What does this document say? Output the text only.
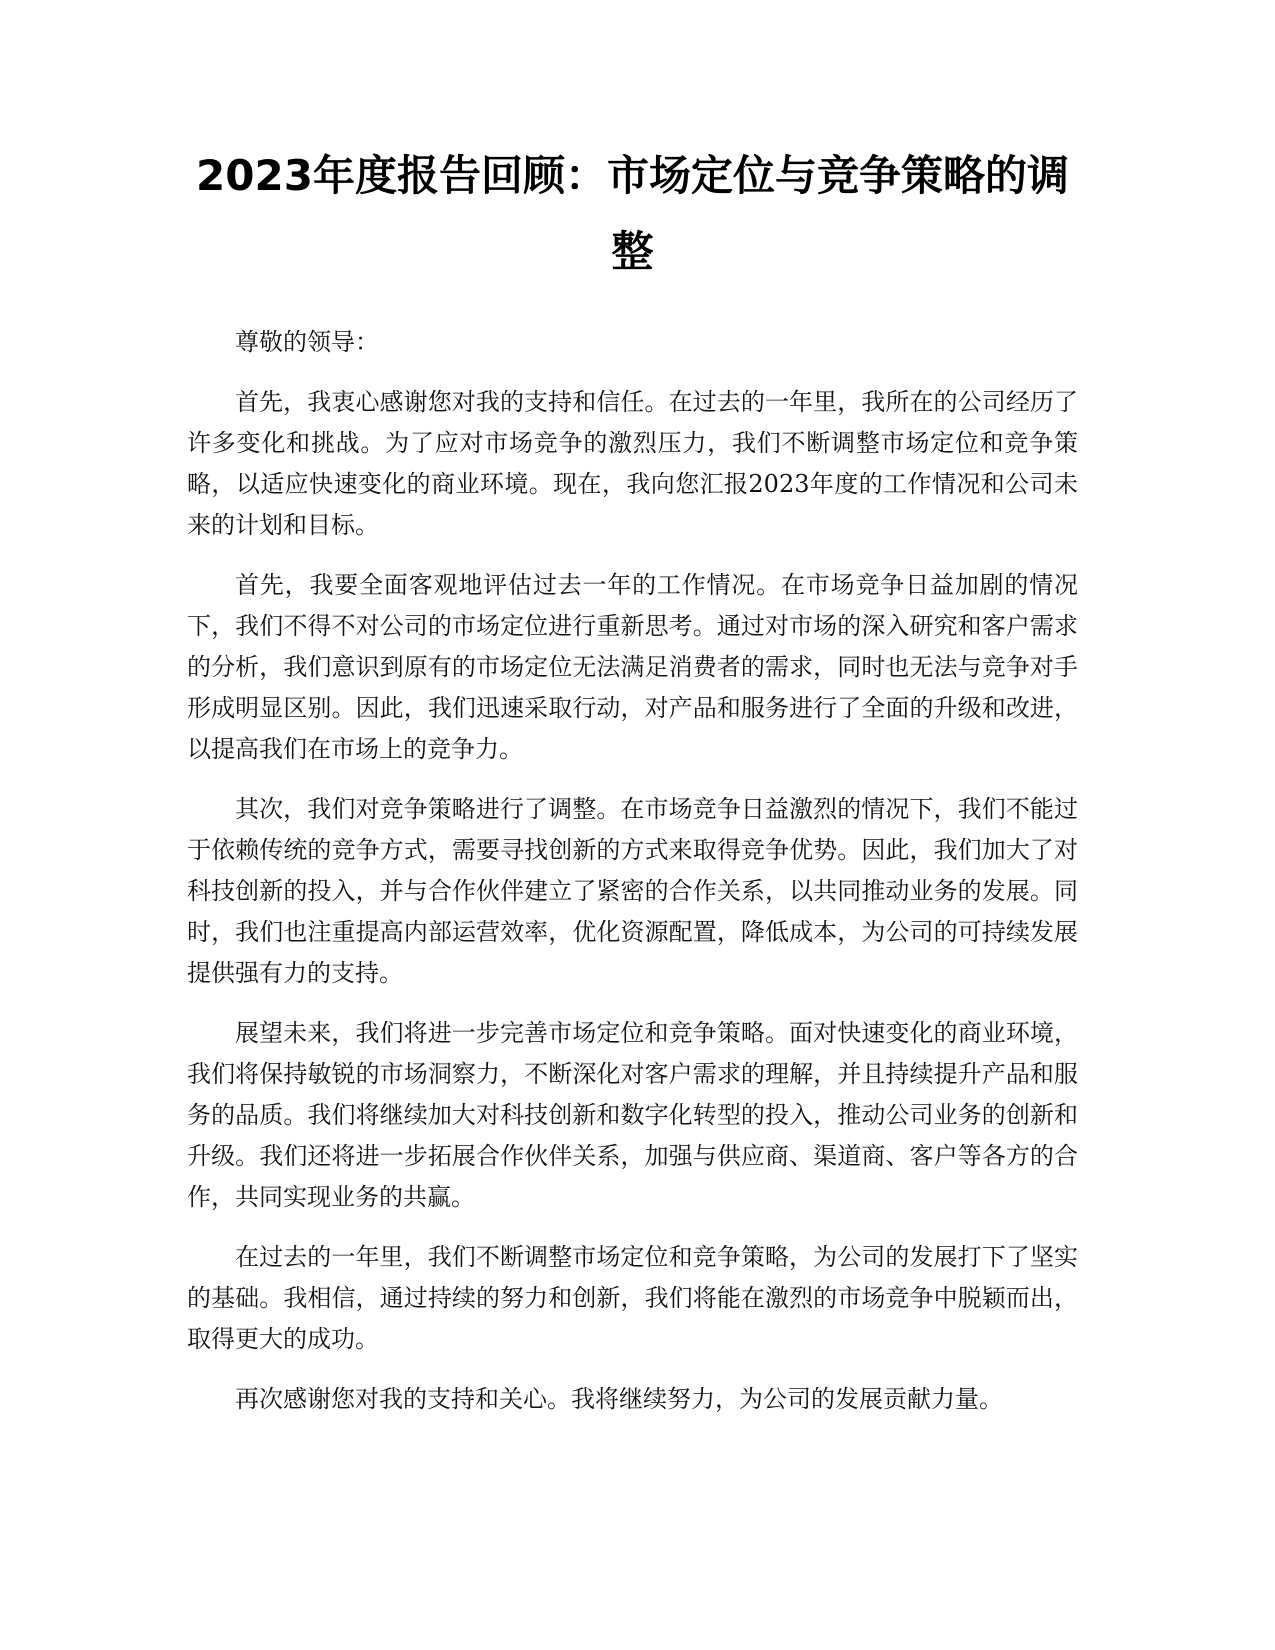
2023年度报告回顾：市场定位与竞争策略的调整

尊敬的领导：

首先，我衷心感谢您对我的支持和信任。在过去的一年里，我所在的公司经历了许多变化和挑战。为了应对市场竞争的激烈压力，我们不断调整市场定位和竞争策略，以适应快速变化的商业环境。现在，我向您汇报2023年度的工作情况和公司未来的计划和目标。

首先，我要全面客观地评估过去一年的工作情况。在市场竞争日益加剧的情况下，我们不得不对公司的市场定位进行重新思考。通过对市场的深入研究和客户需求的分析，我们意识到原有的市场定位无法满足消费者的需求，同时也无法与竞争对手形成明显区别。因此，我们迅速采取行动，对产品和服务进行了全面的升级和改进，以提高我们在市场上的竞争力。

其次，我们对竞争策略进行了调整。在市场竞争日益激烈的情况下，我们不能过于依赖传统的竞争方式，需要寻找创新的方式来取得竞争优势。因此，我们加大了对科技创新的投入，并与合作伙伴建立了紧密的合作关系，以共同推动业务的发展。同时，我们也注重提高内部运营效率，优化资源配置，降低成本，为公司的可持续发展提供强有力的支持。

展望未来，我们将进一步完善市场定位和竞争策略。面对快速变化的商业环境，我们将保持敏锐的市场洞察力，不断深化对客户需求的理解，并且持续提升产品和服务的品质。我们将继续加大对科技创新和数字化转型的投入，推动公司业务的创新和升级。我们还将进一步拓展合作伙伴关系，加强与供应商、渠道商、客户等各方的合作，共同实现业务的共赢。

在过去的一年里，我们不断调整市场定位和竞争策略，为公司的发展打下了坚实的基础。我相信，通过持续的努力和创新，我们将能在激烈的市场竞争中脱颖而出，取得更大的成功。

再次感谢您对我的支持和关心。我将继续努力，为公司的发展贡献力量。
